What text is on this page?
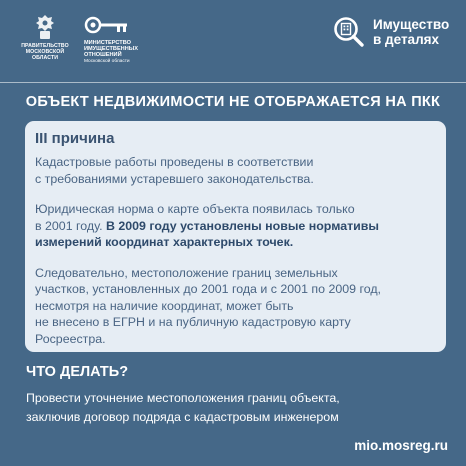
ПРАВИТЕЛЬСТВО
МОСКОВСКОЙ
ОБЛАСТИ
МИНИСТЕРСТВО
ИМУЩЕСТВЕННЫХ
ОТНОШЕНИЙ
Московской области
Имущество
в деталях
ОБЪЕКТ НЕДВИЖИМОСТИ НЕ ОТОБРАЖАЕТСЯ НА ПКК
III причина
Кадастровые работы проведены в соответствии
с требованиями устаревшего законодательства.
Юридическая норма о карте объекта появилась только
в 2001 году. В 2009 году установлены новые нормативы
измерений координат характерных точек.
Следовательно, местоположение границ земельных
участков, установленных до 2001 года и с 2001 по 2009 год,
несмотря на наличие координат, может быть
не внесено в ЕГРН и на публичную кадастровую карту
Росреестра.
ЧТО ДЕЛАТЬ?
Провести уточнение местоположения границ объекта,
заключив договор подряда с кадастровым инженером
mio.mosreg.ru
